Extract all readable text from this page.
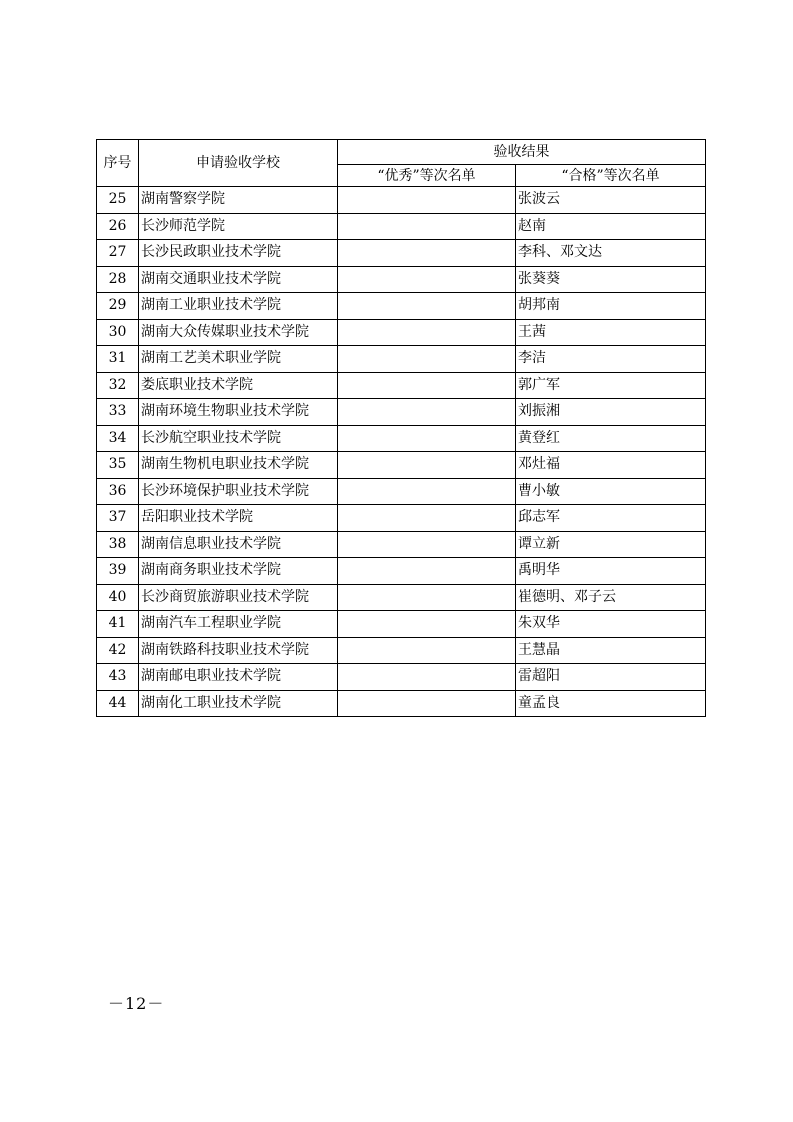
序号	申请验收学校	验收结果	
		“优秀”等次名单	“合格”等次名单
25	湖南警察学院		张波云
26	长沙师范学院		赵南
27	长沙民政职业技术学院		李科、邓文达
28	湖南交通职业技术学院		张葵葵
29	湖南工业职业技术学院		胡邦南
30	湖南大众传媒职业技术学院		王茜
31	湖南工艺美术职业学院		李洁
32	娄底职业技术学院		郭广军
33	湖南环境生物职业技术学院		刘振湘
34	长沙航空职业技术学院		黄登红
35	湖南生物机电职业技术学院		邓灶福
36	长沙环境保护职业技术学院		曹小敏
37	岳阳职业技术学院		邱志军
38	湖南信息职业技术学院		谭立新
39	湖南商务职业技术学院		禹明华
40	长沙商贸旅游职业技术学院		崔德明、邓子云
41	湖南汽车工程职业学院		朱双华
42	湖南铁路科技职业技术学院		王慧晶
43	湖南邮电职业技术学院		雷超阳
44	湖南化工职业技术学院		童孟良
－12－
